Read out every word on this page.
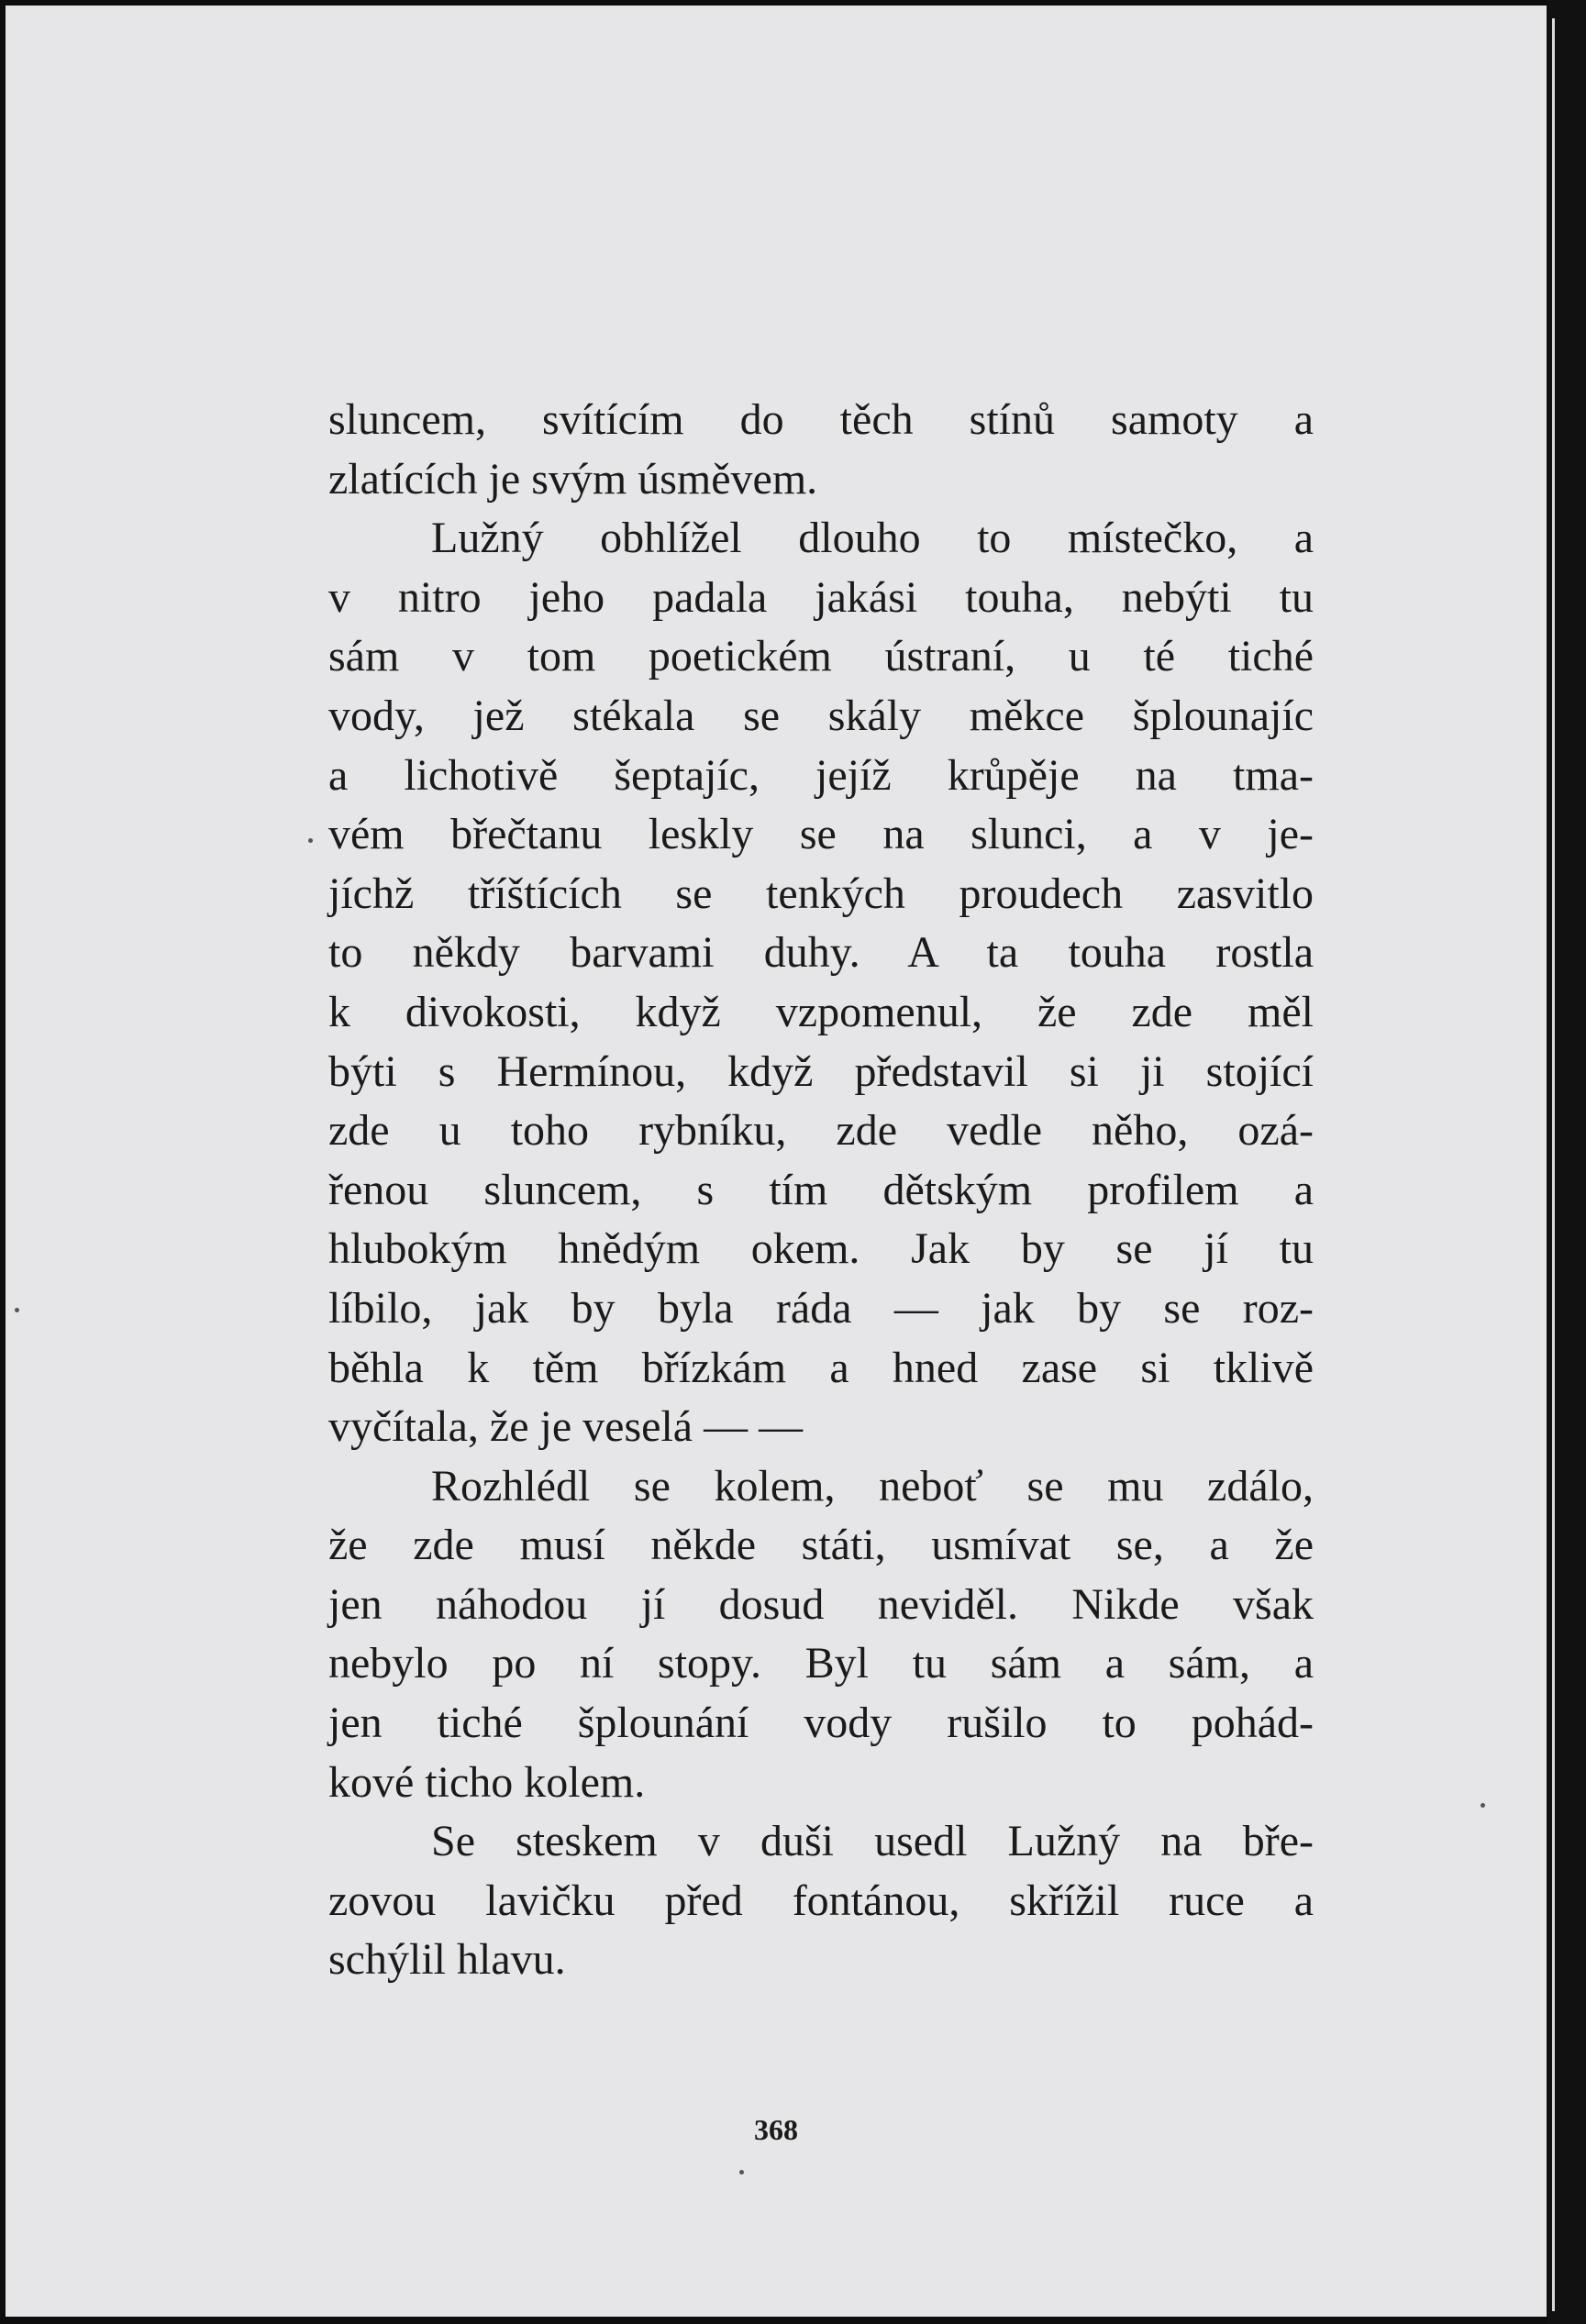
sluncem, svítícím do těch stínů samoty a
zlatících je svým úsměvem.
Lužný obhlížel dlouho to místečko, a
v nitro jeho padala jakási touha, nebýti tu
sám v tom poetickém ústraní, u té tiché
vody, jež stékala se skály měkce šplounajíc
a lichotivě šeptajíc, jejíž krůpěje na tma-
vém břečtanu leskly se na slunci, a v je-
jíchž tříštících se tenkých proudech zasvitlo
to někdy barvami duhy. A ta touha rostla
k divokosti, když vzpomenul, že zde měl
býti s Hermínou, když představil si ji stojící
zde u toho rybníku, zde vedle něho, ozá-
řenou sluncem, s tím dětským profilem a
hlubokým hnědým okem. Jak by se jí tu
líbilo, jak by byla ráda — jak by se roz-
běhla k těm břízkám a hned zase si tklivě
vyčítala, že je veselá — —
Rozhlédl se kolem, neboť se mu zdálo,
že zde musí někde státi, usmívat se, a že
jen náhodou jí dosud neviděl. Nikde však
nebylo po ní stopy. Byl tu sám a sám, a
jen tiché šplounání vody rušilo to pohád-
kové ticho kolem.
Se steskem v duši usedl Lužný na bře-
zovou lavičku před fontánou, skřížil ruce a
schýlil hlavu.
368
